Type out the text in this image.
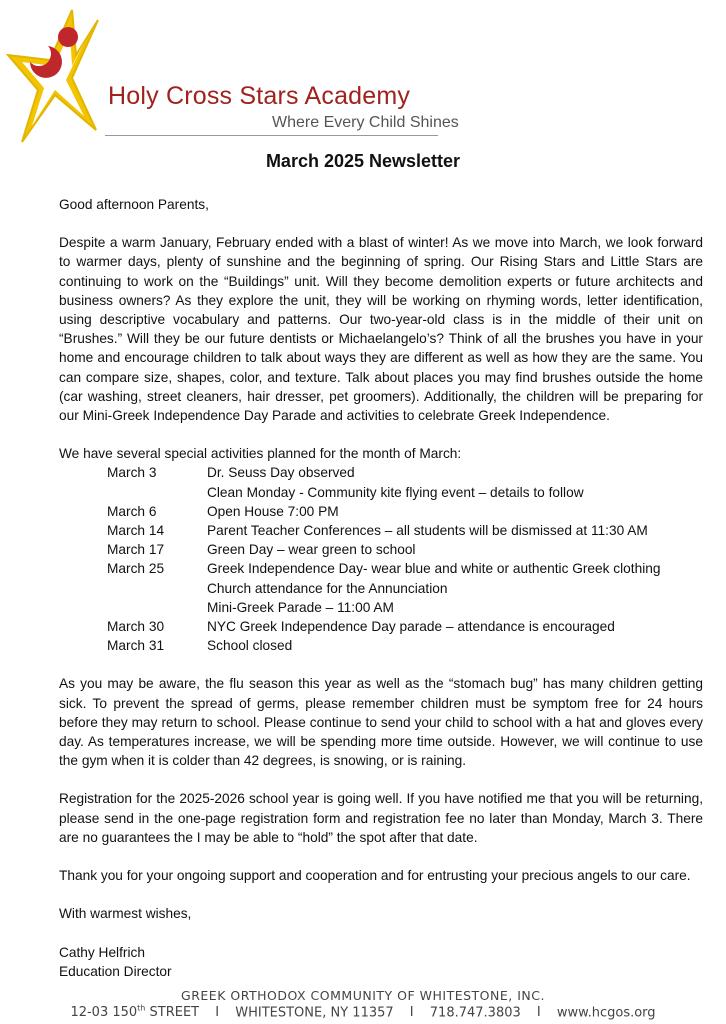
Holy Cross Stars Academy
Where Every Child Shines
March 2025 Newsletter

Good afternoon Parents,

Despite a warm January, February ended with a blast of winter! As we move into March, we look forward to warmer days, plenty of sunshine and the beginning of spring. Our Rising Stars and Little Stars are continuing to work on the “Buildings” unit. Will they become demolition experts or future architects and business owners? As they explore the unit, they will be working on rhyming words, letter identification, using descriptive vocabulary and patterns. Our two-year-old class is in the middle of their unit on “Brushes.” Will they be our future dentists or Michaelangelo’s? Think of all the brushes you have in your home and encourage children to talk about ways they are different as well as how they are the same. You can compare size, shapes, color, and texture. Talk about places you may find brushes outside the home (car washing, street cleaners, hair dresser, pet groomers). Additionally, the children will be preparing for our Mini-Greek Independence Day Parade and activities to celebrate Greek Independence.

We have several special activities planned for the month of March:

March 3	Dr. Seuss Day observed
Clean Monday - Community kite flying event – details to follow
March 6	Open House 7:00 PM
March 14	Parent Teacher Conferences – all students will be dismissed at 11:30 AM
March 17	Green Day – wear green to school
March 25	Greek Independence Day- wear blue and white or authentic Greek clothing
Church attendance for the Annunciation
Mini-Greek Parade – 11:00 AM
March 30	NYC Greek Independence Day parade – attendance is encouraged
March 31	School closed

As you may be aware, the flu season this year as well as the “stomach bug” has many children getting sick. To prevent the spread of germs, please remember children must be symptom free for 24 hours before they may return to school. Please continue to send your child to school with a hat and gloves every day. As temperatures increase, we will be spending more time outside. However, we will continue to use the gym when it is colder than 42 degrees, is snowing, or is raining.

Registration for the 2025-2026 school year is going well. If you have notified me that you will be returning, please send in the one-page registration form and registration fee no later than Monday, March 3. There are no guarantees the I may be able to “hold” the spot after that date.

Thank you for your ongoing support and cooperation and for entrusting your precious angels to our care.

With warmest wishes,

Cathy Helfrich

Education Director

GREEK ORTHODOX COMMUNITY OF WHITESTONE, INC.
12-03 150th STREET I WHITESTONE, NY 11357 I 718.747.3803 I www.hcgos.org
